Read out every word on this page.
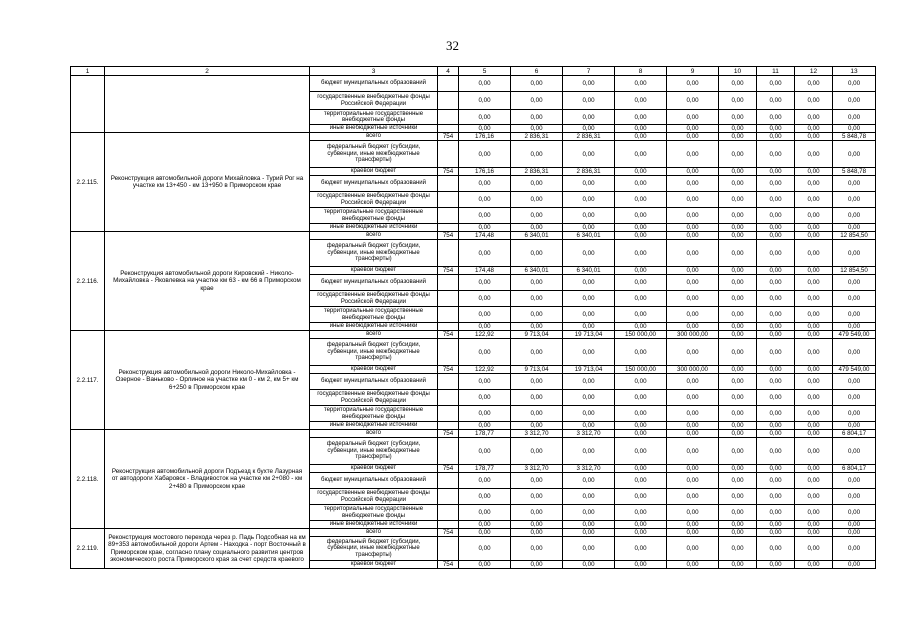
32
1	2	3	4	5	6	7	8	9	10	11	12	13
		бюджет муниципальных образований		0,00	0,00	0,00	0,00	0,00	0,00	0,00	0,00	0,00
		государственные внебюджетные фонды Российской Федерации		0,00	0,00	0,00	0,00	0,00	0,00	0,00	0,00	0,00
		территориальные государственные внебюджетные фонды		0,00	0,00	0,00	0,00	0,00	0,00	0,00	0,00	0,00
		иные внебюджетные источники		0,00	0,00	0,00	0,00	0,00	0,00	0,00	0,00	0,00
2.2.115.	Реконструкция автомобильной дороги Михайловка - Турий Рог на участке км 13+450 - км 13+950 в Приморском крае	всего	754	176,16	2 836,31	2 836,31	0,00	0,00	0,00	0,00	0,00	5 848,78
		федеральный бюджет (субсидии, субвенции, иные межбюджетные трансферты)		0,00	0,00	0,00	0,00	0,00	0,00	0,00	0,00	0,00
		краевой бюджет	754	176,16	2 836,31	2 836,31	0,00	0,00	0,00	0,00	0,00	5 848,78
		бюджет муниципальных образований		0,00	0,00	0,00	0,00	0,00	0,00	0,00	0,00	0,00
		государственные внебюджетные фонды Российской Федерации		0,00	0,00	0,00	0,00	0,00	0,00	0,00	0,00	0,00
		территориальные государственные внебюджетные фонды		0,00	0,00	0,00	0,00	0,00	0,00	0,00	0,00	0,00
		иные внебюджетные источники		0,00	0,00	0,00	0,00	0,00	0,00	0,00	0,00	0,00
2.2.116.	Реконструкция автомобильной дороги Кировский - Николо-Михайловка - Яковлевка на участке км 63 - км 66 в Приморском крае	всего	754	174,48	6 340,01	6 340,01	0,00	0,00	0,00	0,00	0,00	12 854,50
		федеральный бюджет (субсидии, субвенции, иные межбюджетные трансферты)		0,00	0,00	0,00	0,00	0,00	0,00	0,00	0,00	0,00
		краевой бюджет	754	174,48	6 340,01	6 340,01	0,00	0,00	0,00	0,00	0,00	12 854,50
		бюджет муниципальных образований		0,00	0,00	0,00	0,00	0,00	0,00	0,00	0,00	0,00
		государственные внебюджетные фонды Российской Федерации		0,00	0,00	0,00	0,00	0,00	0,00	0,00	0,00	0,00
		территориальные государственные внебюджетные фонды		0,00	0,00	0,00	0,00	0,00	0,00	0,00	0,00	0,00
		иные внебюджетные источники		0,00	0,00	0,00	0,00	0,00	0,00	0,00	0,00	0,00
2.2.117.	Реконструкция автомобильной дороги Николо-Михайловка - Озерное - Ваньково - Орлиное на участке км 0 - км 2, км 5+ км 6+250 в Приморском крае	всего	754	122,92	9 713,04	19 713,04	150 000,00	300 000,00	0,00	0,00	0,00	479 549,00
		федеральный бюджет (субсидии, субвенции, иные межбюджетные трансферты)		0,00	0,00	0,00	0,00	0,00	0,00	0,00	0,00	0,00
		краевой бюджет	754	122,92	9 713,04	19 713,04	150 000,00	300 000,00	0,00	0,00	0,00	479 549,00
		бюджет муниципальных образований		0,00	0,00	0,00	0,00	0,00	0,00	0,00	0,00	0,00
		государственные внебюджетные фонды Российской Федерации		0,00	0,00	0,00	0,00	0,00	0,00	0,00	0,00	0,00
		территориальные государственные внебюджетные фонды		0,00	0,00	0,00	0,00	0,00	0,00	0,00	0,00	0,00
		иные внебюджетные источники		0,00	0,00	0,00	0,00	0,00	0,00	0,00	0,00	0,00
2.2.118.	Реконструкция автомобильной дороги Подъезд к бухте Лазурная от автодороги Хабаровск - Владивосток на участке км 2+080 - км 2+480 в Приморском крае	всего	754	178,77	3 312,70	3 312,70	0,00	0,00	0,00	0,00	0,00	6 804,17
		федеральный бюджет (субсидии, субвенции, иные межбюджетные трансферты)		0,00	0,00	0,00	0,00	0,00	0,00	0,00	0,00	0,00
		краевой бюджет	754	178,77	3 312,70	3 312,70	0,00	0,00	0,00	0,00	0,00	6 804,17
		бюджет муниципальных образований		0,00	0,00	0,00	0,00	0,00	0,00	0,00	0,00	0,00
		государственные внебюджетные фонды Российской Федерации		0,00	0,00	0,00	0,00	0,00	0,00	0,00	0,00	0,00
		территориальные государственные внебюджетные фонды		0,00	0,00	0,00	0,00	0,00	0,00	0,00	0,00	0,00
		иные внебюджетные источники		0,00	0,00	0,00	0,00	0,00	0,00	0,00	0,00	0,00
2.2.119.	Реконструкция мостового перехода через р. Падь Подсобная на км 89+353 автомобильной дороги Артем - Находка - порт Восточный в Приморском крае, согласно плану социального развития центров экономического роста Приморского края за счет средств краевого	всего	754	0,00	0,00	0,00	0,00	0,00	0,00	0,00	0,00	0,00
		федеральный бюджет (субсидии, субвенции, иные межбюджетные трансферты)		0,00	0,00	0,00	0,00	0,00	0,00	0,00	0,00	0,00
		краевой бюджет	754	0,00	0,00	0,00	0,00	0,00	0,00	0,00	0,00	0,00
